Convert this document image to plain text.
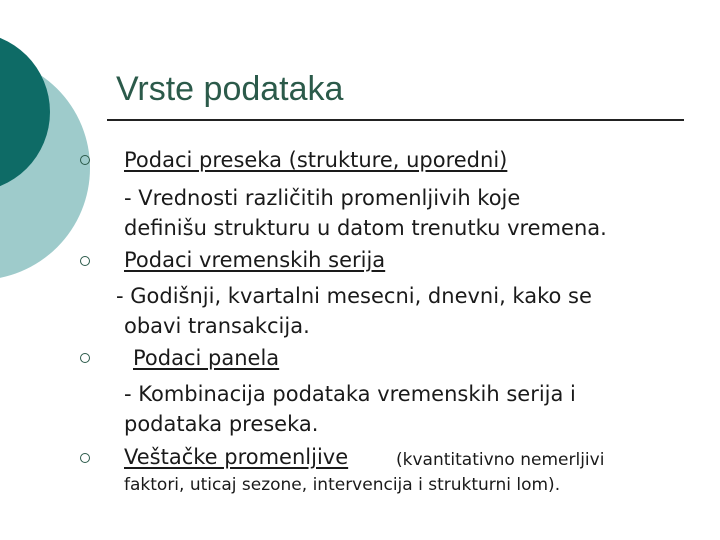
Vrste podataka
Podaci preseka (strukture, uporedni)
- Vrednosti različitih promenljivih koje
definišu strukturu u datom trenutku vremena.
Podaci vremenskih serija
- Godišnji, kvartalni mesecni, dnevni, kako se
obavi transakcija.
Podaci panela
- Kombinacija podataka vremenskih serija i
podataka preseka.
Veštačke promenljive	(kvantitativno nemerljivi
faktori, uticaj sezone, intervencija i strukturni lom).
